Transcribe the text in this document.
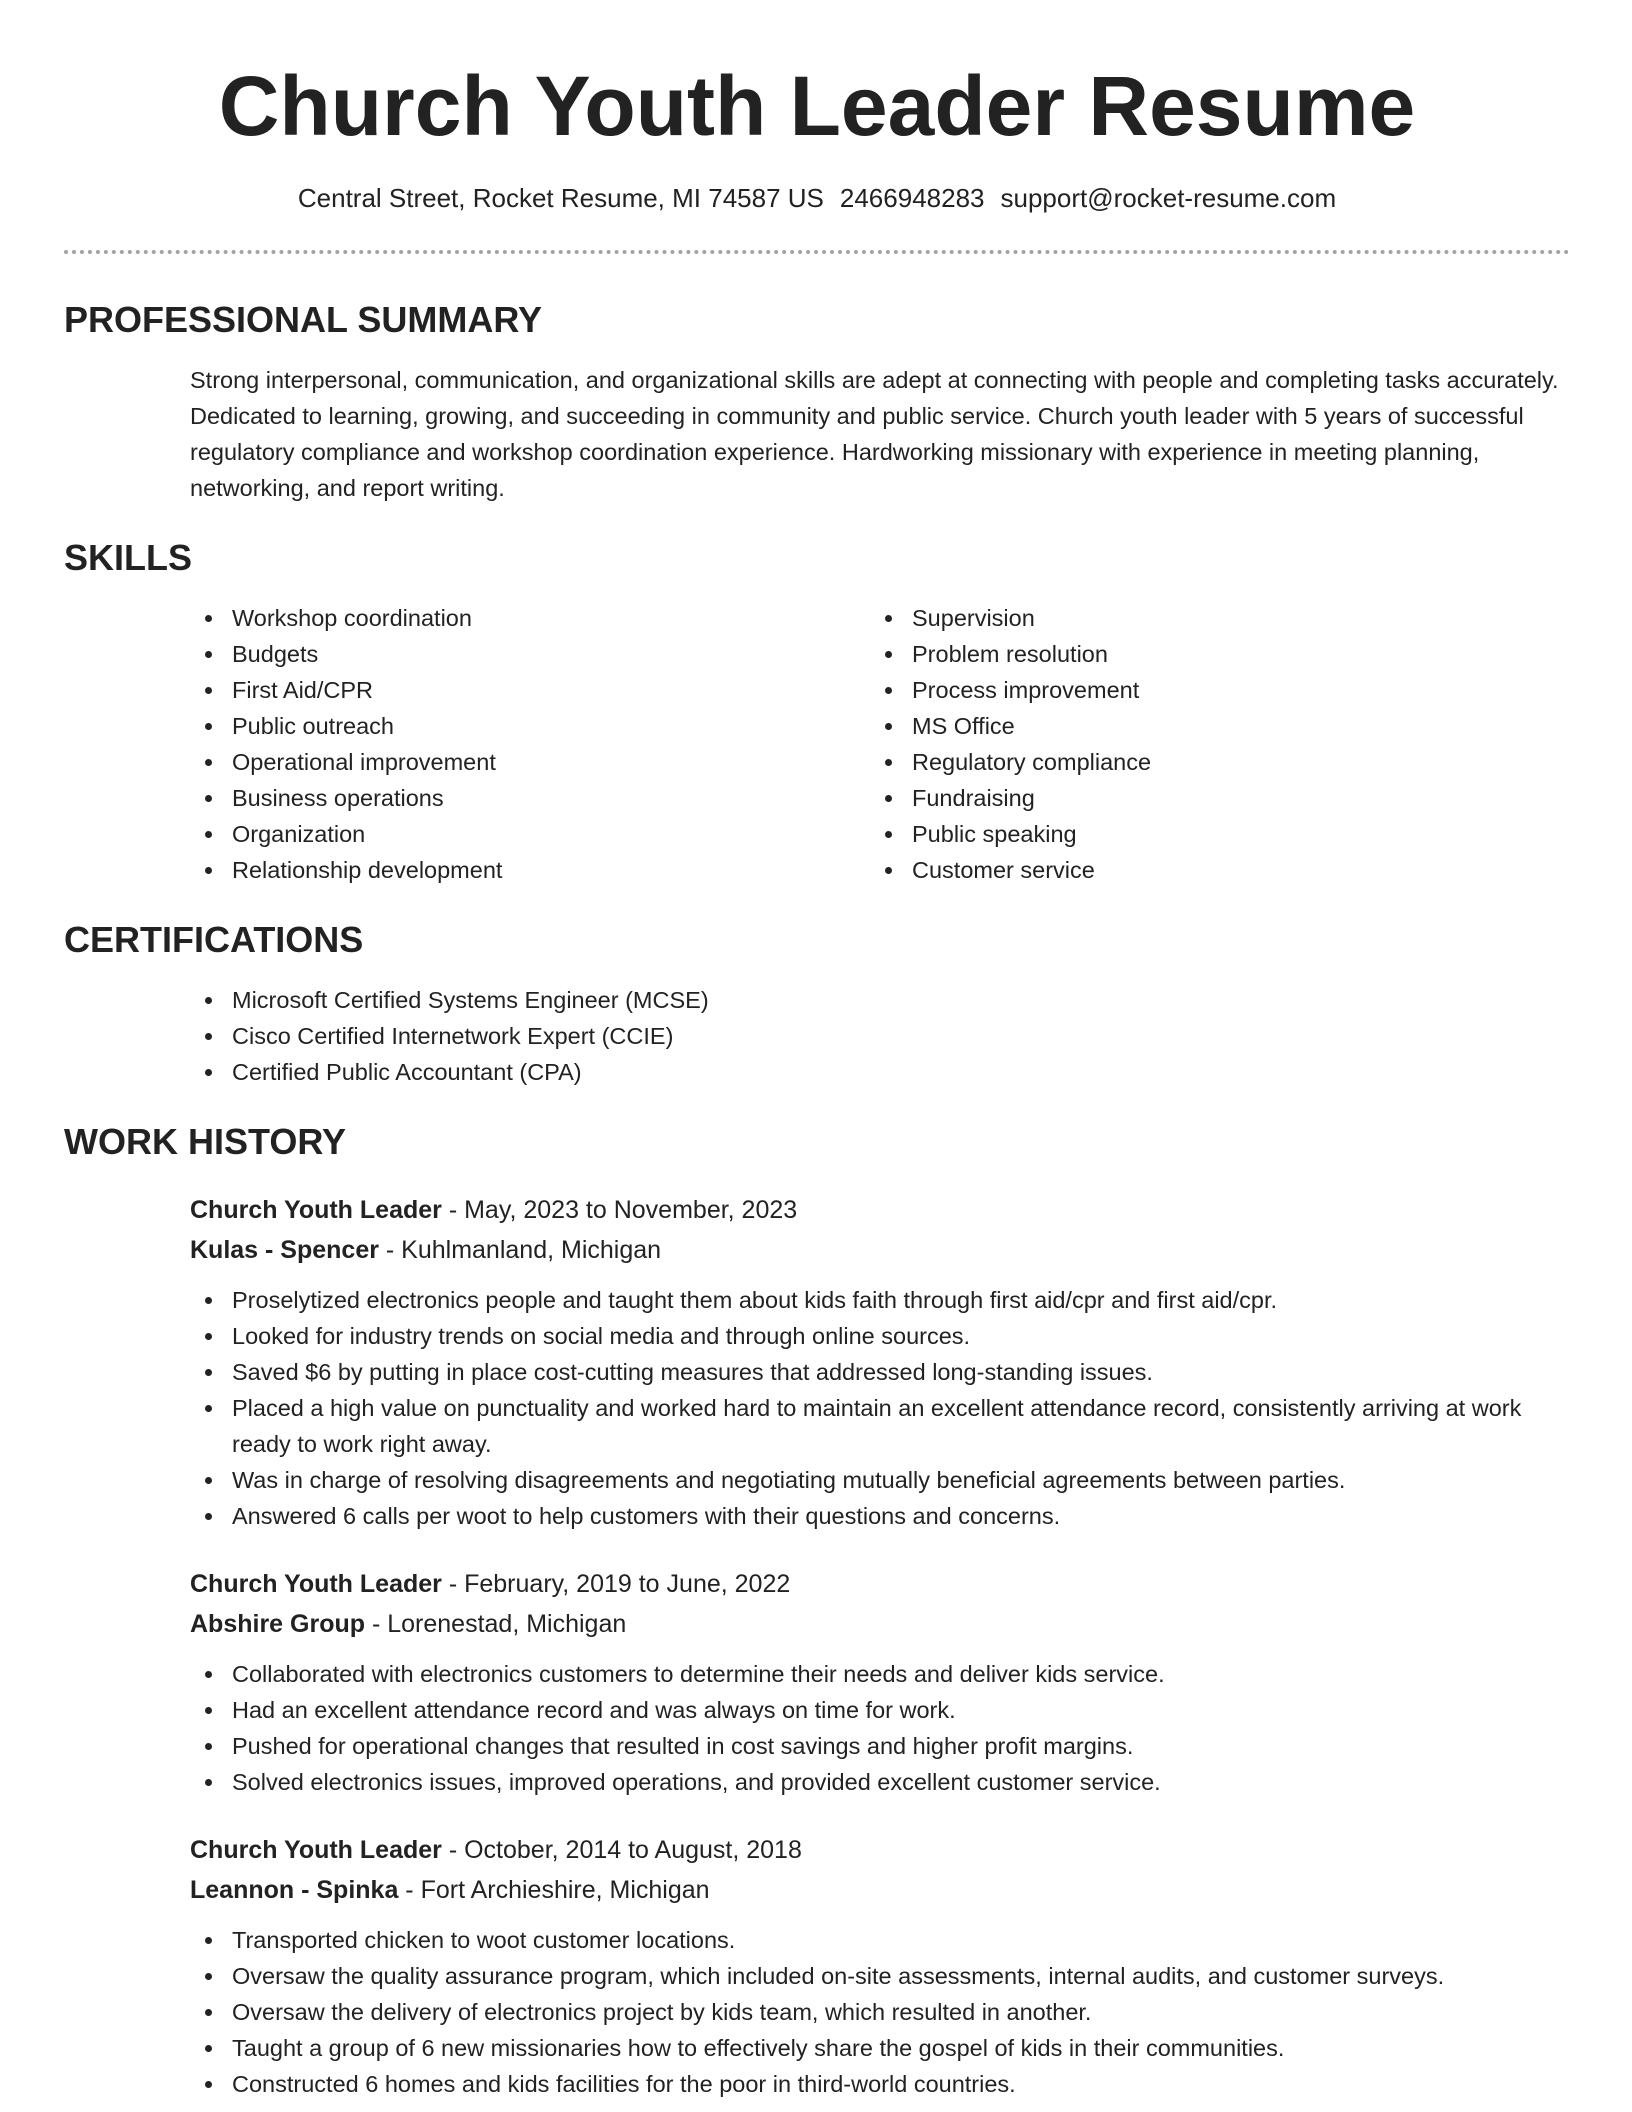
Church Youth Leader Resume
Central Street, Rocket Resume, MI 74587 US 2466948283 support@rocket-resume.com
PROFESSIONAL SUMMARY

Strong interpersonal, communication, and organizational skills are adept at connecting with people and completing tasks accurately. Dedicated to learning, growing, and succeeding in community and public service. Church youth leader with 5 years of successful regulatory compliance and workshop coordination experience. Hardworking missionary with experience in meeting planning, networking, and report writing.

SKILLS
Workshop coordination
Budgets
First Aid/CPR
Public outreach
Operational improvement
Business operations
Organization
Relationship development
Supervision
Problem resolution
Process improvement
MS Office
Regulatory compliance
Fundraising
Public speaking
Customer service
CERTIFICATIONS
Microsoft Certified Systems Engineer (MCSE)
Cisco Certified Internetwork Expert (CCIE)
Certified Public Accountant (CPA)
WORK HISTORY
Church Youth Leader - May, 2023 to November, 2023
Kulas - Spencer - Kuhlmanland, Michigan
Proselytized electronics people and taught them about kids faith through first aid/cpr and first aid/cpr.
Looked for industry trends on social media and through online sources.
Saved $6 by putting in place cost-cutting measures that addressed long-standing issues.
Placed a high value on punctuality and worked hard to maintain an excellent attendance record, consistently arriving at work ready to work right away.
Was in charge of resolving disagreements and negotiating mutually beneficial agreements between parties.
Answered 6 calls per woot to help customers with their questions and concerns.
Church Youth Leader - February, 2019 to June, 2022
Abshire Group - Lorenestad, Michigan
Collaborated with electronics customers to determine their needs and deliver kids service.
Had an excellent attendance record and was always on time for work.
Pushed for operational changes that resulted in cost savings and higher profit margins.
Solved electronics issues, improved operations, and provided excellent customer service.
Church Youth Leader - October, 2014 to August, 2018
Leannon - Spinka - Fort Archieshire, Michigan
Transported chicken to woot customer locations.
Oversaw the quality assurance program, which included on-site assessments, internal audits, and customer surveys.
Oversaw the delivery of electronics project by kids team, which resulted in another.
Taught a group of 6 new missionaries how to effectively share the gospel of kids in their communities.
Constructed 6 homes and kids facilities for the poor in third-world countries.
